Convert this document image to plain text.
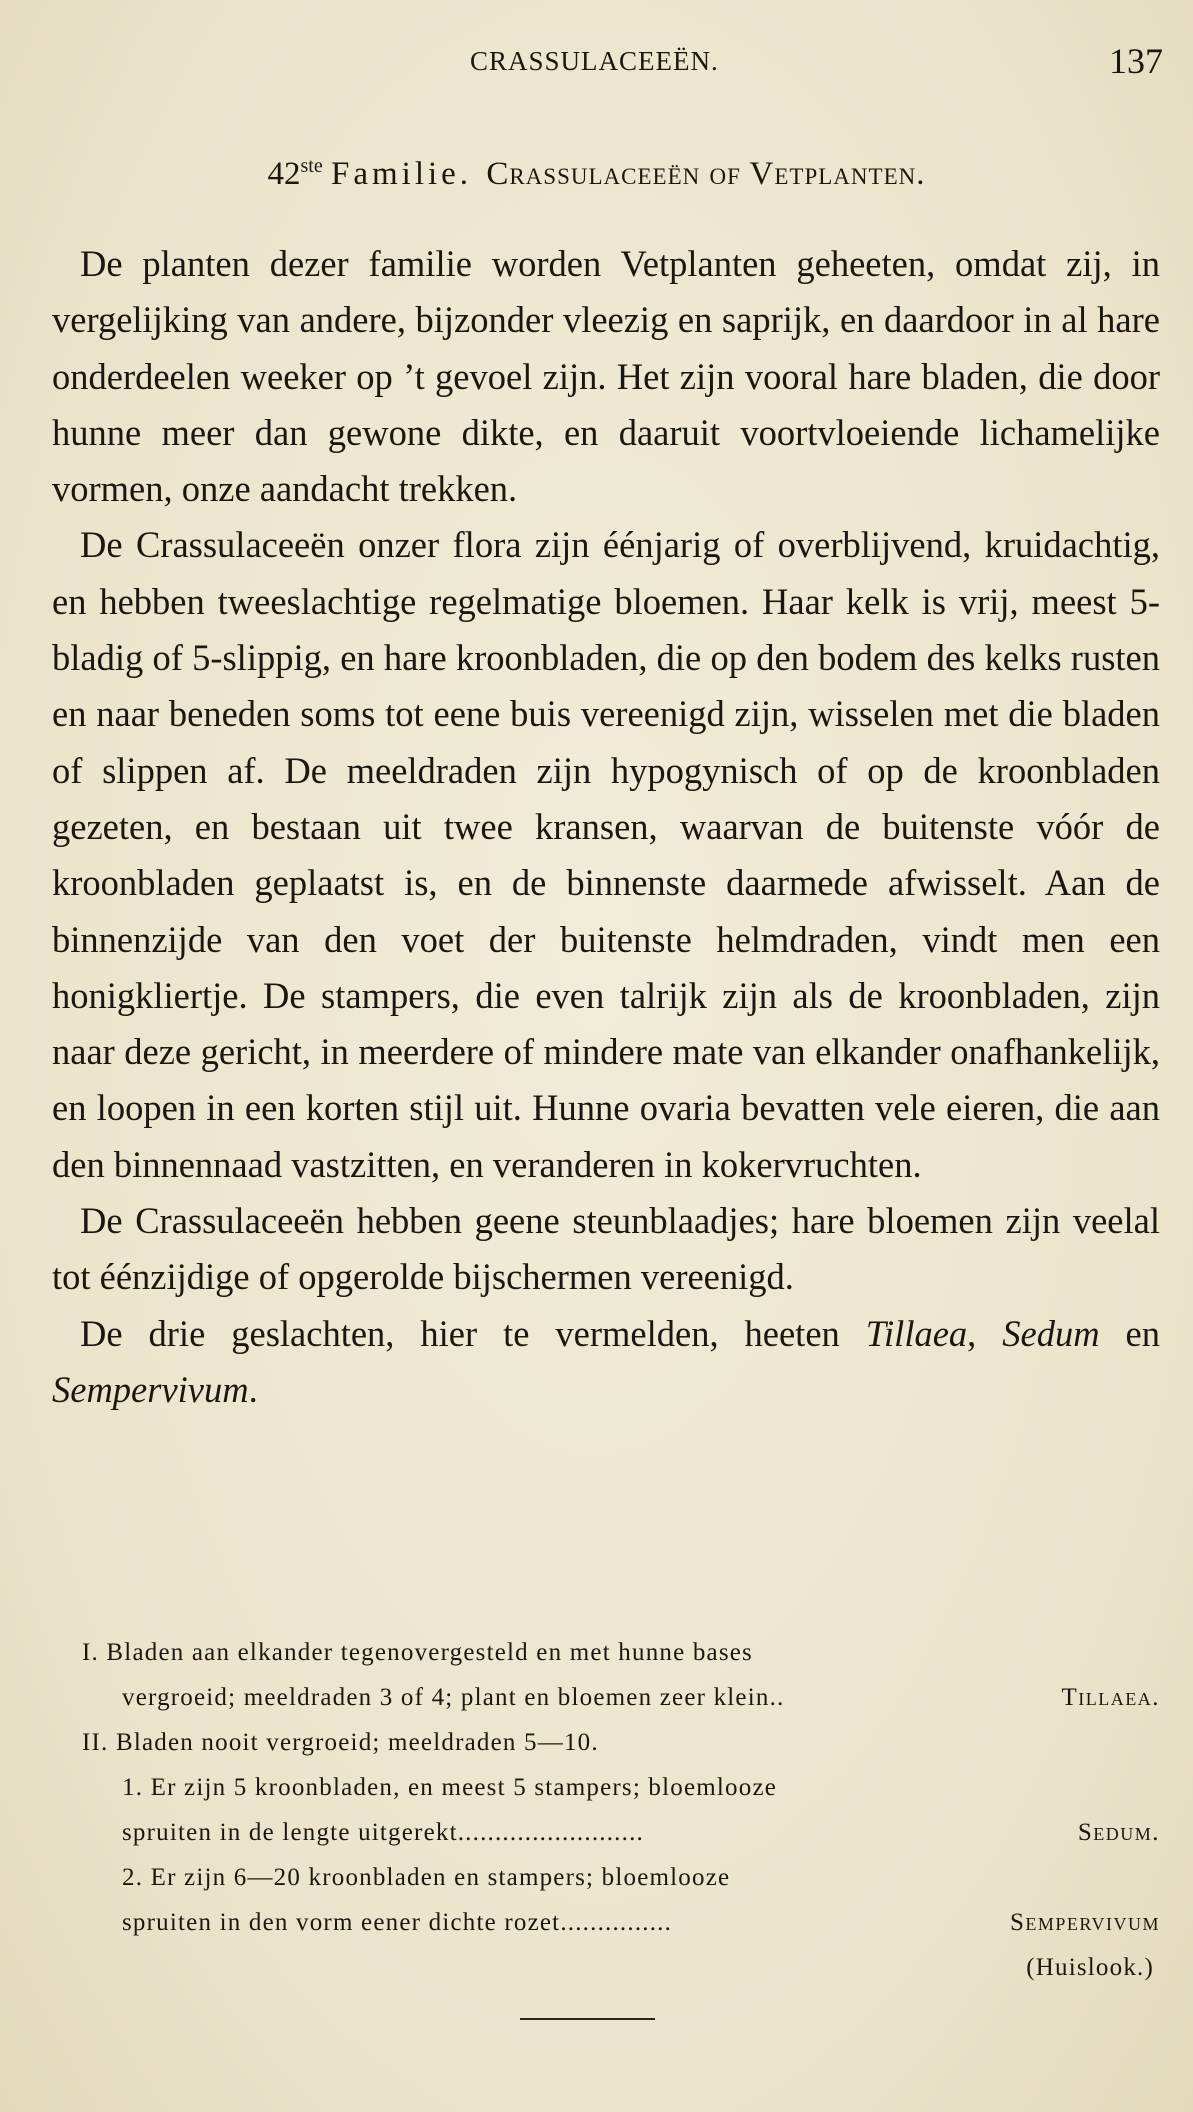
CRASSULACEEËN.	137
42ste Familie. Crassulaceeën of Vetplanten.

De planten dezer familie worden Vetplanten geheeten, omdat zij, in vergelijking van andere, bijzonder vleezig en saprijk, en daardoor in al hare onderdeelen weeker op ’t gevoel zijn. Het zijn vooral hare bladen, die door hunne meer dan gewone dikte, en daaruit voortvloeiende lichamelijke vormen, onze aandacht trekken.

De Crassulaceeën onzer flora zijn éénjarig of overblijvend, kruidachtig, en hebben tweeslachtige regelmatige bloemen. Haar kelk is vrij, meest 5-bladig of 5-slippig, en hare kroonbladen, die op den bodem des kelks rusten en naar beneden soms tot eene buis vereenigd zijn, wisselen met die bladen of slippen af. De meeldraden zijn hypogynisch of op de kroonbladen gezeten, en bestaan uit twee kransen, waarvan de buitenste vóór de kroonbladen geplaatst is, en de binnenste daarmede afwisselt. Aan de binnenzijde van den voet der buitenste helmdraden, vindt men een honigkliertje. De stampers, die even talrijk zijn als de kroonbladen, zijn naar deze gericht, in meerdere of mindere mate van elkander onafhankelijk, en loopen in een korten stijl uit. Hunne ovaria bevatten vele eieren, die aan den binnennaad vastzitten, en veranderen in kokervruchten.

De Crassulaceeën hebben geene steunblaadjes; hare bloemen zijn veelal tot éénzijdige of opgerolde bijschermen vereenigd.

De drie geslachten, hier te vermelden, heeten Tillaea, Sedum en Sempervivum.

I. Bladen aan elkander tegenovergesteld en met hunne bases
vergroeid; meeldraden 3 of 4; plant en bloemen zeer klein..	Tillaea.
II. Bladen nooit vergroeid; meeldraden 5—10.
1. Er zijn 5 kroonbladen, en meest 5 stampers; bloemlooze
spruiten in de lengte uitgerekt.........................	Sedum.
2. Er zijn 6—20 kroonbladen en stampers; bloemlooze
spruiten in den vorm eener dichte rozet...............	Sempervivum
(Huislook.)
